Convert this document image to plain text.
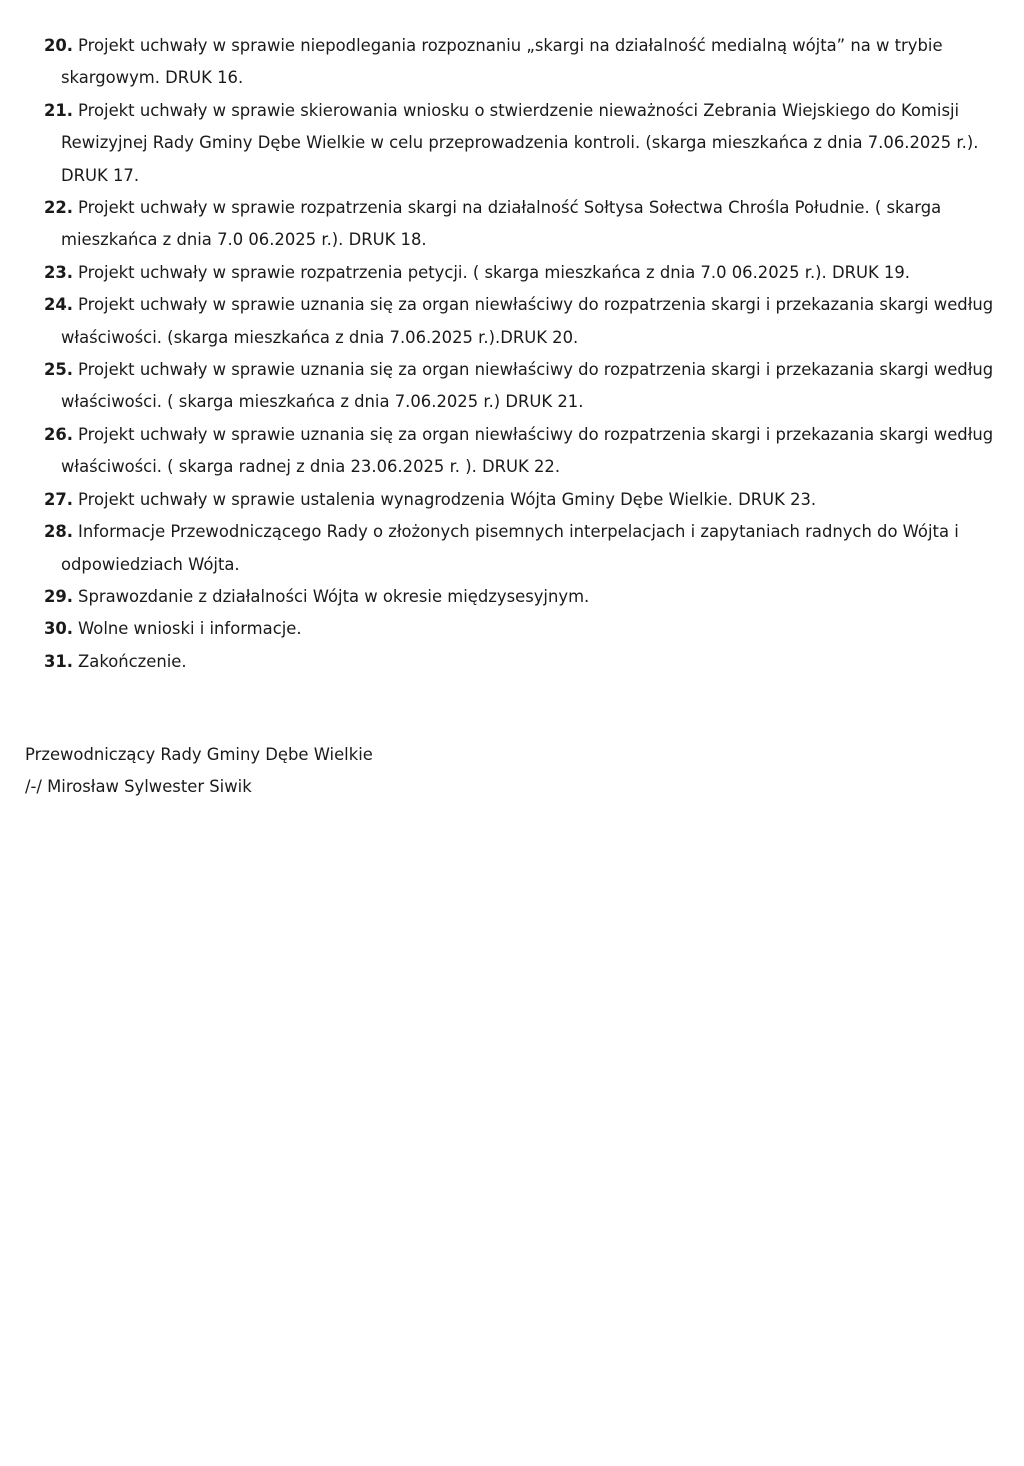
20. Projekt uchwały w sprawie niepodlegania rozpoznaniu „skargi na działalność medialną wójta” na w trybie skargowym. DRUK 16.
21. Projekt uchwały w sprawie skierowania wniosku o stwierdzenie nieważności Zebrania Wiejskiego do Komisji Rewizyjnej Rady Gminy Dębe Wielkie w celu przeprowadzenia kontroli. (skarga mieszkańca z dnia 7.06.2025 r.). DRUK 17.
22. Projekt uchwały w sprawie rozpatrzenia skargi na działalność Sołtysa Sołectwa Chrośla Południe. ( skarga mieszkańca z dnia 7.0 06.2025 r.). DRUK 18.
23. Projekt uchwały w sprawie rozpatrzenia petycji. ( skarga mieszkańca z dnia 7.0 06.2025 r.). DRUK 19.
24. Projekt uchwały w sprawie uznania się za organ niewłaściwy do rozpatrzenia skargi i przekazania skargi według właściwości. (skarga mieszkańca z dnia 7.06.2025 r.).DRUK 20.
25. Projekt uchwały w sprawie uznania się za organ niewłaściwy do rozpatrzenia skargi i przekazania skargi według właściwości. ( skarga mieszkańca z dnia 7.06.2025 r.) DRUK 21.
26. Projekt uchwały w sprawie uznania się za organ niewłaściwy do rozpatrzenia skargi i przekazania skargi według właściwości. ( skarga radnej z dnia 23.06.2025 r. ). DRUK 22.
27. Projekt uchwały w sprawie ustalenia wynagrodzenia Wójta Gminy Dębe Wielkie. DRUK 23.
28. Informacje Przewodniczącego Rady o złożonych pisemnych interpelacjach i zapytaniach radnych do Wójta i odpowiedziach Wójta.
29. Sprawozdanie z działalności Wójta w okresie międzysesyjnym.
30. Wolne wnioski i informacje.
31. Zakończenie.
Przewodniczący Rady Gminy Dębe Wielkie
/-/ Mirosław Sylwester Siwik
